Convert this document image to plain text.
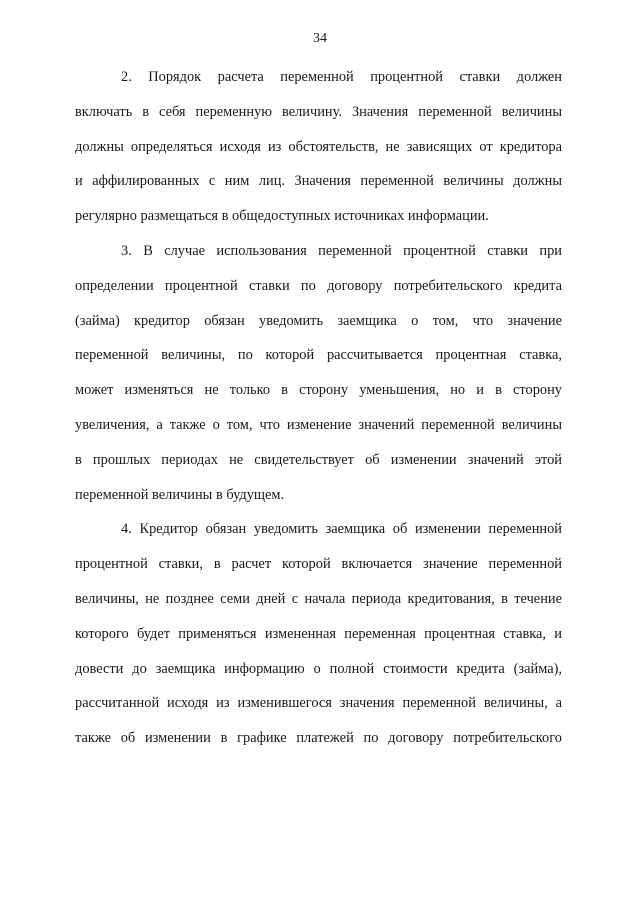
34
2. Порядок расчета переменной процентной ставки должен
включать в себя переменную величину. Значения переменной величины
должны определяться исходя из обстоятельств, не зависящих от кредитора
и аффилированных с ним лиц. Значения переменной величины должны
регулярно размещаться в общедоступных источниках информации.
3. В случае использования переменной процентной ставки при
определении процентной ставки по договору потребительского кредита
(займа) кредитор обязан уведомить заемщика о том, что значение
переменной величины, по которой рассчитывается процентная ставка,
может изменяться не только в сторону уменьшения, но и в сторону
увеличения, а также о том, что изменение значений переменной величины
в прошлых периодах не свидетельствует об изменении значений этой
переменной величины в будущем.
4. Кредитор обязан уведомить заемщика об изменении переменной
процентной ставки, в расчет которой включается значение переменной
величины, не позднее семи дней с начала периода кредитования, в течение
которого будет применяться измененная переменная процентная ставка, и
довести до заемщика информацию о полной стоимости кредита (займа),
рассчитанной исходя из изменившегося значения переменной величины, а
также об изменении в графике платежей по договору потребительского
